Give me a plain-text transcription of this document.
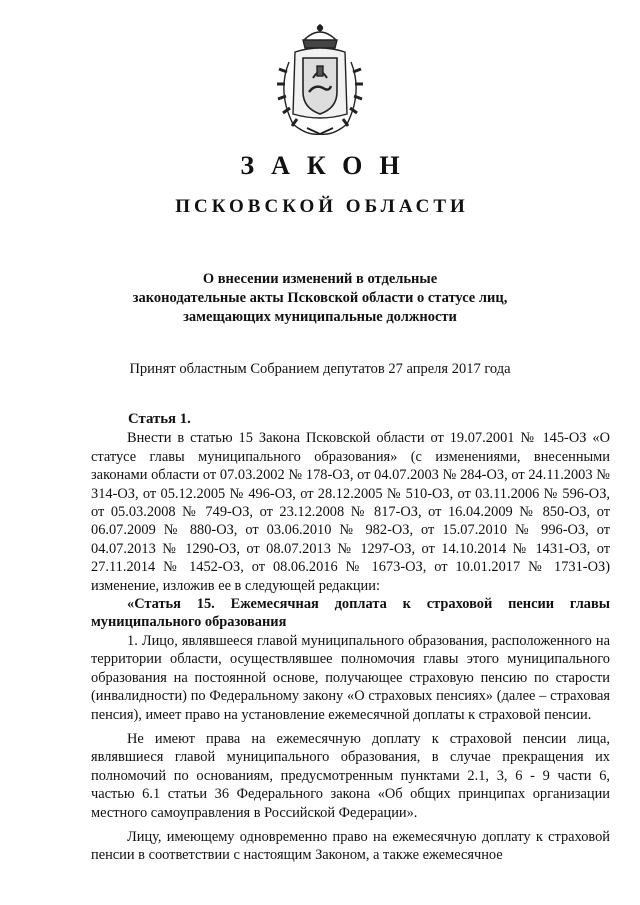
ЗАКОН
ПСКОВСКОЙ ОБЛАСТИ
О внесении изменений в отдельные
законодательные акты Псковской области о статусе лиц,
замещающих муниципальные должности
Принят областным Собранием депутатов 27 апреля 2017 года

Статья 1.

Внести в статью 15 Закона Псковской области от 19.07.2001 № 145-ОЗ «О статусе главы муниципального образования» (с изменениями, внесенными законами области от 07.03.2002 № 178-ОЗ, от 04.07.2003 № 284-ОЗ, от 24.11.2003 № 314-ОЗ, от 05.12.2005 № 496-ОЗ, от 28.12.2005 № 510-ОЗ, от 03.11.2006 № 596-ОЗ, от 05.03.2008 № 749-ОЗ, от 23.12.2008 № 817-ОЗ, от 16.04.2009 № 850-ОЗ, от 06.07.2009 № 880-ОЗ, от 03.06.2010 № 982-ОЗ, от 15.07.2010 № 996-ОЗ, от 04.07.2013 № 1290-ОЗ, от 08.07.2013 № 1297-ОЗ, от 14.10.2014 № 1431-ОЗ, от 27.11.2014 № 1452-ОЗ, от 08.06.2016 № 1673-ОЗ, от 10.01.2017 № 1731-ОЗ) изменение, изложив ее в следующей редакции:

«Статья 15. Ежемесячная доплата к страховой пенсии главы муниципального образования

1. Лицо, являвшееся главой муниципального образования, расположенного на территории области, осуществлявшее полномочия главы этого муниципального образования на постоянной основе, получающее страховую пенсию по старости (инвалидности) по Федеральному закону «О страховых пенсиях» (далее – страховая пенсия), имеет право на установление ежемесячной доплаты к страховой пенсии.

Не имеют права на ежемесячную доплату к страховой пенсии лица, являвшиеся главой муниципального образования, в случае прекращения их полномочий по основаниям, предусмотренным пунктами 2.1, 3, 6 - 9 части 6, частью 6.1 статьи 36 Федерального закона «Об общих принципах организации местного самоуправления в Российской Федерации».

Лицу, имеющему одновременно право на ежемесячную доплату к страховой пенсии в соответствии с настоящим Законом, а также ежемесячное
